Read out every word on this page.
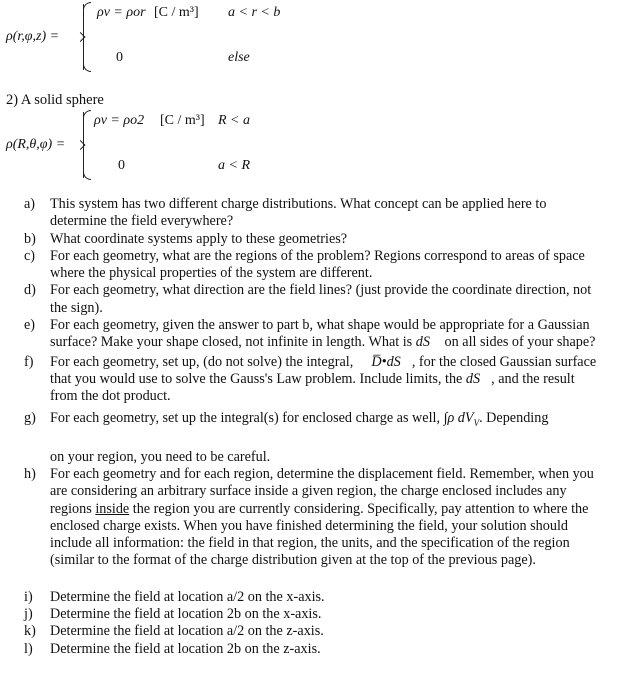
ρ(r,φ,z) =
ρv = ρor [C / m³] a < r < b
0	else
2) A solid sphere
ρ(R,θ,φ) =
ρv = ρo2 [C / m³] R < a
0	a < R
a) This system has two different charge distributions. What concept can be applied here to determine the field everywhere?
b) What coordinate systems apply to these geometries?
c) For each geometry, what are the regions of the problem? Regions correspond to areas of space where the physical properties of the system are different.
d) For each geometry, what direction are the field lines? (just provide the coordinate direction, not the sign).
e) For each geometry, given the answer to part b, what shape would be appropriate for a Gaussian surface? Make your shape closed, not infinite in length. What is dS⃗ on all sides of your shape?
f) For each geometry, set up, (do not solve) the integral, ∮ D̅•dS⃗, for the closed Gaussian surface that you would use to solve the Gauss's Law problem. Include limits, the dS⃗, and the result from the dot product.
g) For each geometry, set up the integral(s) for enclosed charge as well, ∫ρ $dV_V$. Depending
on your region, you need to be careful.
h) For each geometry and for each region, determine the displacement field. Remember, when you are considering an arbitrary surface inside a given region, the charge enclosed includes any regions inside the region you are currently considering. Specifically, pay attention to where the enclosed charge exists. When you have finished determining the field, your solution should include all information: the field in that region, the units, and the specification of the region (similar to the format of the charge distribution given at the top of the previous page).
i) Determine the field at location a/2 on the x-axis.
j) Determine the field at location 2b on the x-axis.
k) Determine the field at location a/2 on the z-axis.
l) Determine the field at location 2b on the z-axis.
